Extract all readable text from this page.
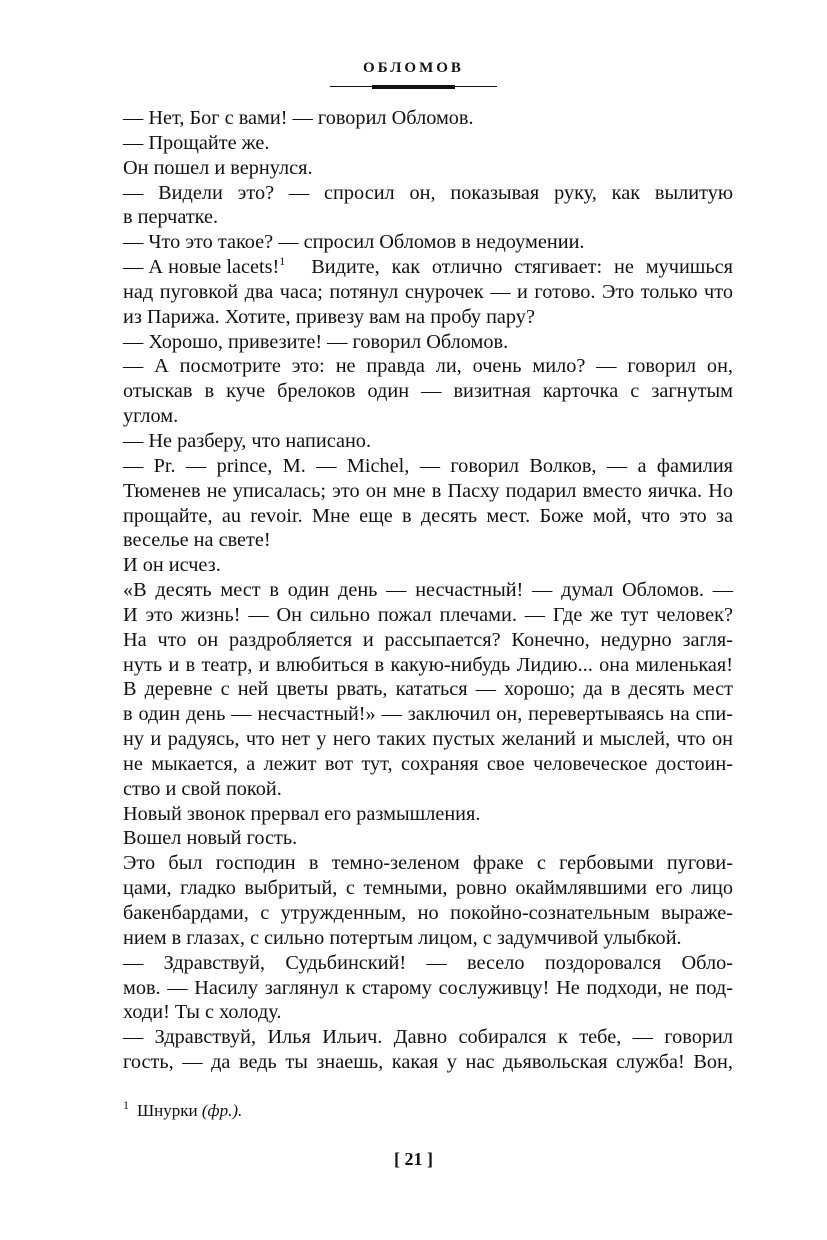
ОБЛОМОВ

— Нет, Бог с вами! — говорил Обломов.

— Прощайте же.

Он пошел и вернулся.

— Видели это? — спросил он, показывая руку, как вылитую
в перчатке.

— Что это такое? — спросил Обломов в недоумении.

— А новые lacets!$^1$	Видите, как отлично стягивает: не мучишься
над пуговкой два часа; потянул снурочек — и готово. Это только что
из Парижа. Хотите, привезу вам на пробу пару?

— Хорошо, привезите! — говорил Обломов.

— А посмотрите это: не правда ли, очень мило? — говорил он,
отыскав в куче брелоков один — визитная карточка с загнутым
углом.

— Не разберу, что написано.

— Pr. — prince, M. — Michel, — говорил Волков, — а фамилия
Тюменев не уписалась; это он мне в Пасху подарил вместо яичка. Но
прощайте, au revoir. Мне еще в десять мест. Боже мой, что это за
веселье на свете!

И он исчез.

«В десять мест в один день — несчастный! — думал Обломов. —
И это жизнь! — Он сильно пожал плечами. — Где же тут человек?
На что он раздробляется и рассыпается? Конечно, недурно загля-
нуть и в театр, и влюбиться в какую-нибудь Лидию... она миленькая!
В деревне с ней цветы рвать, кататься — хорошо; да в десять мест
в один день — несчастный!» — заключил он, перевертываясь на спи-
ну и радуясь, что нет у него таких пустых желаний и мыслей, что он
не мыкается, а лежит вот тут, сохраняя свое человеческое достоин-
ство и свой покой.

Новый звонок прервал его размышления.

Вошел новый гость.

Это был господин в темно-зеленом фраке с гербовыми пугови-
цами, гладко выбритый, с темными, ровно окаймлявшими его лицо
бакенбардами, с утружденным, но покойно-сознательным выраже-
нием в глазах, с сильно потертым лицом, с задумчивой улыбкой.

— Здравствуй, Судьбинский! — весело поздоровался Обло-
мов. — Насилу заглянул к старому сослуживцу! Не подходи, не под-
ходи! Ты с холоду.

— Здравствуй, Илья Ильич. Давно собирался к тебе, — говорил
гость, — да ведь ты знаешь, какая у нас дьявольская служба! Вон,

$^1$ Шнурки (фр.).
[ 21 ]
